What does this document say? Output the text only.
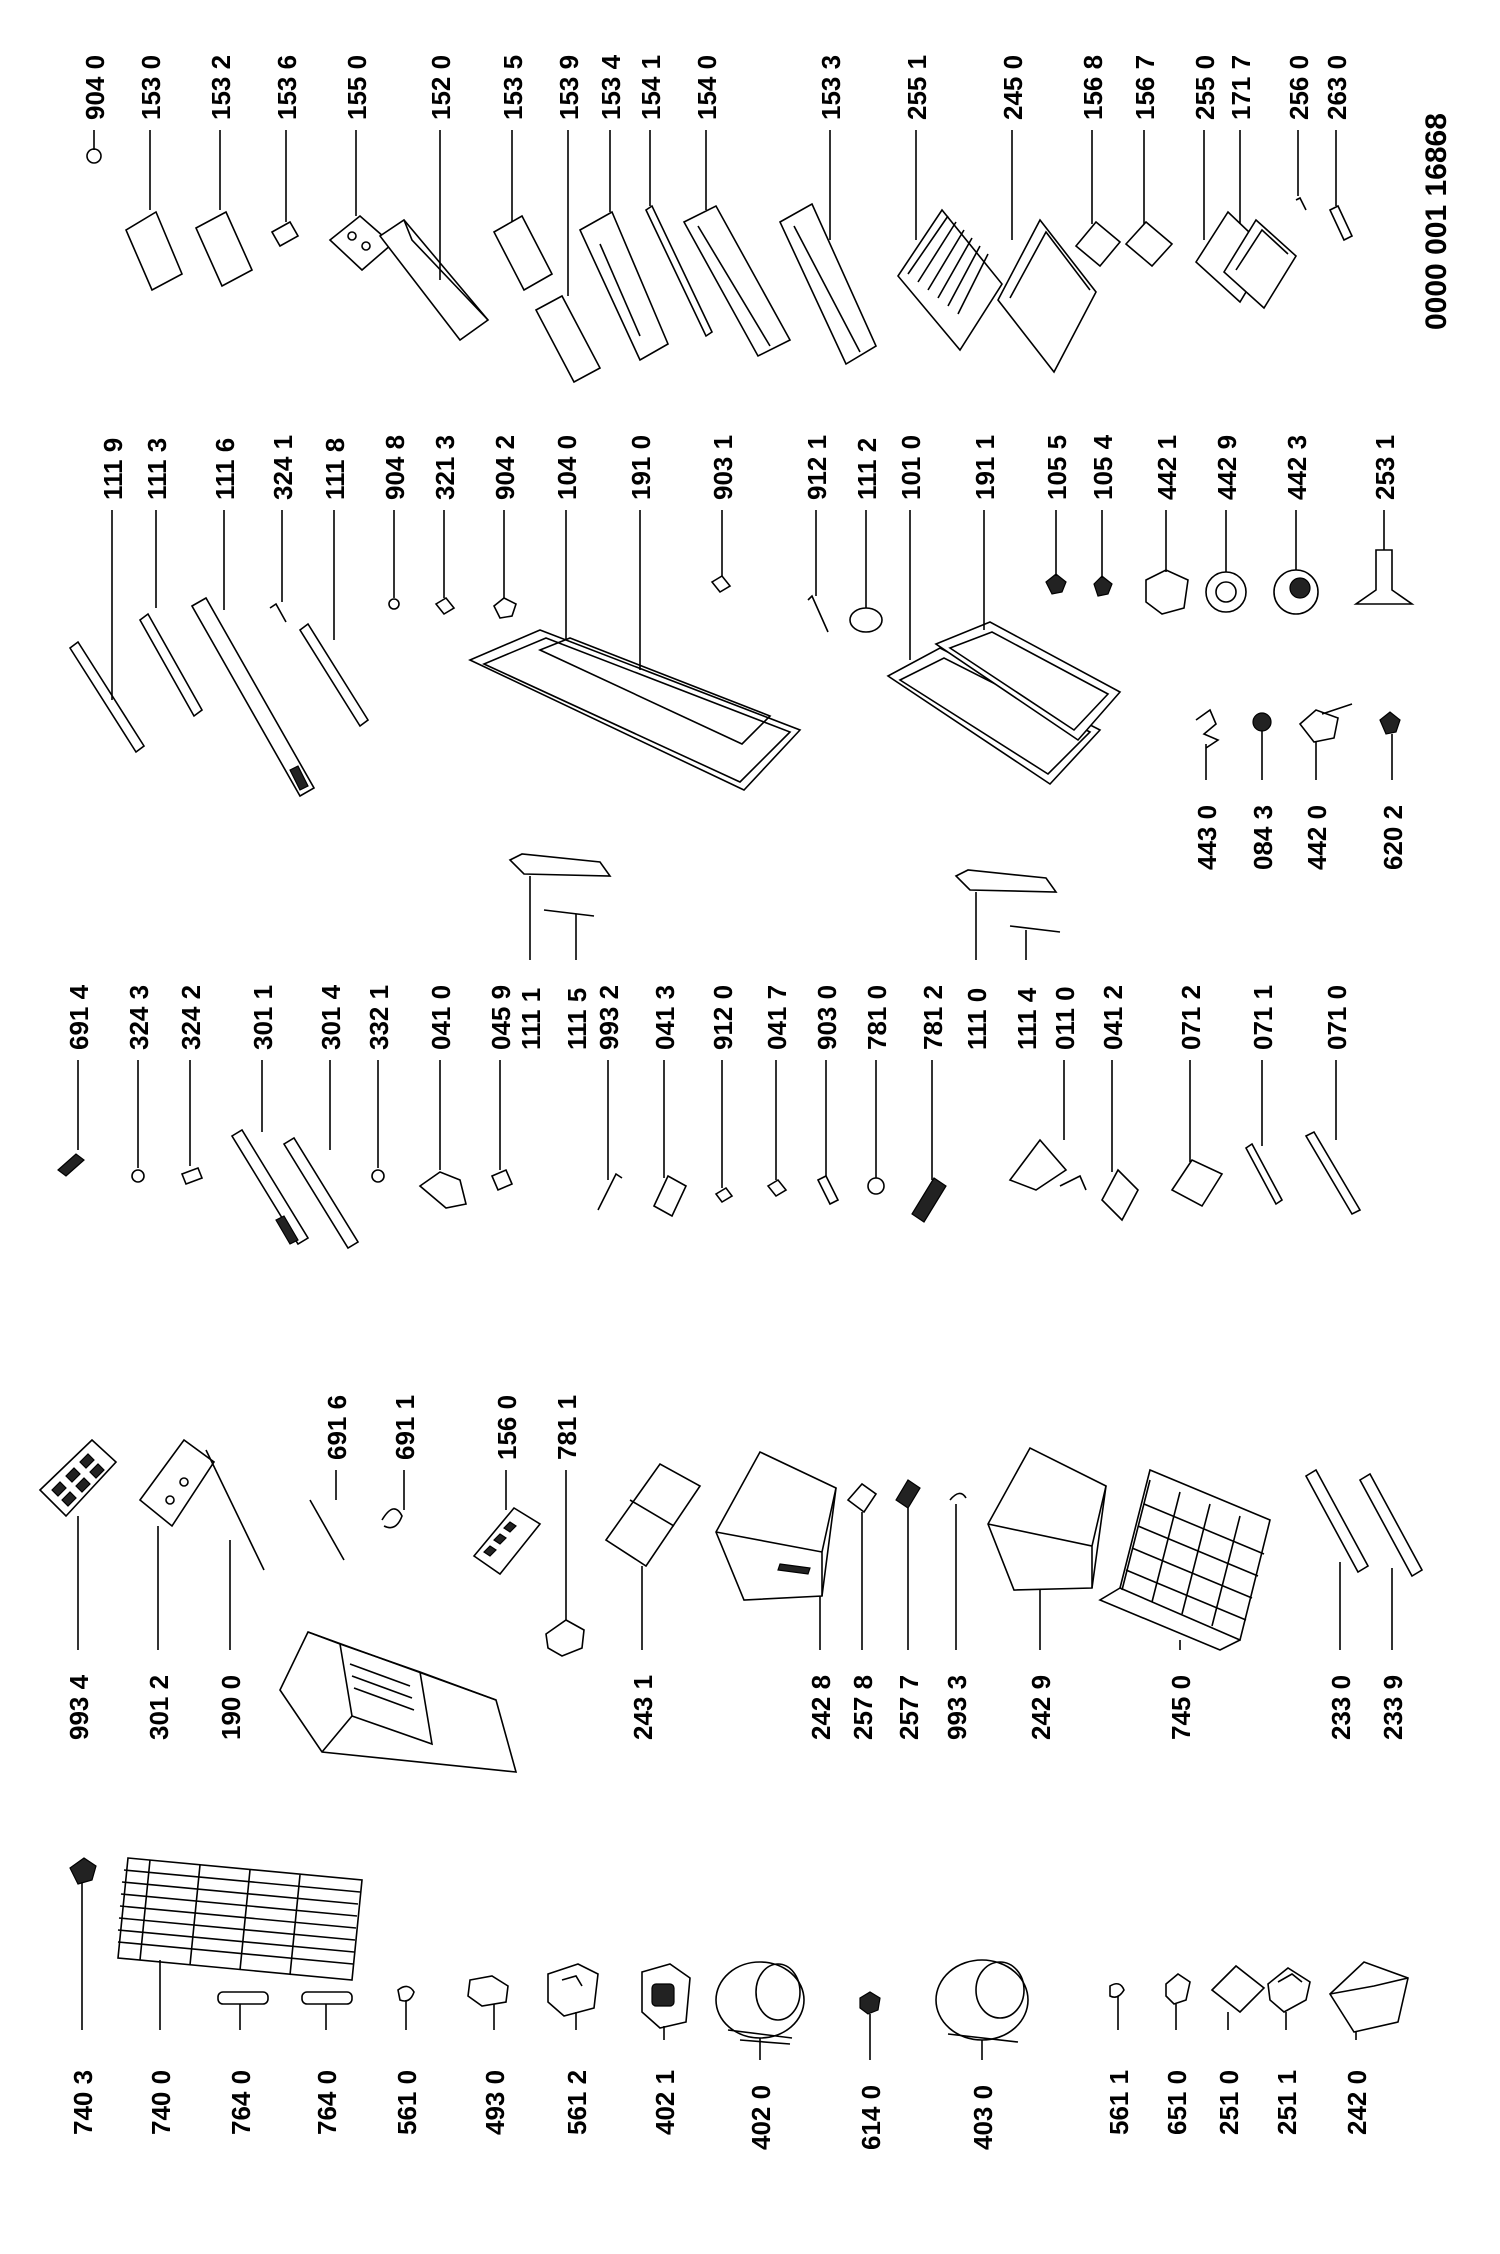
740 3 740 0 764 0 764 0 561 0 493 0 561 2 402 1	402 0	614 0	403 0	561 1 651 0 251 0 251 1 242 0
993 4 301 2 190 0
691 6 691 1	156 0 781 1
243 1	242 8 257 8 257 7 993 3 242 9	745 0	233 0 233 9
691 4 324 3 324 2 301 1 301 4 332 1 041 0 045 9 111 1 111 5 993 2 041 3 912 0 041 7 903 0 781 0 781 2 111 0 111 4 011 0 041 2 071 2 071 1 071 0
111 9 111 3 111 6 324 1 111 8 904 8 321 3 904 2 104 0 191 0 903 1 912 1 111 2 101 0 191 1 105 5 105 4 442 1 442 9 442 3 253 1
443 0 084 3 442 0 620 2
904 0 153 0 153 2 153 6 155 0 152 0 153 5 153 9 153 4 154 1 154 0	153 3 255 1	245 0 156 8 156 7 255 0 171 7 256 0 263 0
0000 001 16868
